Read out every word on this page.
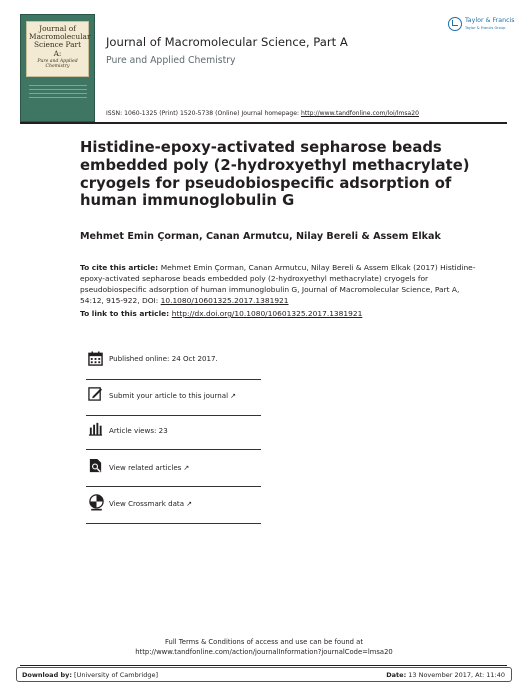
Journal of Macromolecular Science Part A:
Pure and Applied Chemistry
Journal of Macromolecular Science, Part A
Pure and Applied Chemistry
Taylor & Francis
Taylor & Francis Group
ISSN: 1060-1325 (Print) 1520-5738 (Online) Journal homepage: http://www.tandfonline.com/loi/lmsa20
Histidine-epoxy-activated sepharose beads embedded poly (2-hydroxyethyl methacrylate) cryogels for pseudobiospecific adsorption of human immunoglobulin G
Mehmet Emin Çorman, Canan Armutcu, Nilay Bereli & Assem Elkak
To cite this article: Mehmet Emin Çorman, Canan Armutcu, Nilay Bereli & Assem Elkak (2017) Histidine-epoxy-activated sepharose beads embedded poly (2-hydroxyethyl methacrylate) cryogels for pseudobiospecific adsorption of human immunoglobulin G, Journal of Macromolecular Science, Part A, 54:12, 915-922, DOI: 10.1080/10601325.2017.1381921
To link to this article: http://dx.doi.org/10.1080/10601325.2017.1381921
Published online: 24 Oct 2017.
Submit your article to this journal ↗
Article views: 23
View related articles ↗
View Crossmark data ↗
Full Terms & Conditions of access and use can be found at
http://www.tandfonline.com/action/journalInformation?journalCode=lmsa20
Download by: [University of Cambridge]	Date: 13 November 2017, At: 11:40
